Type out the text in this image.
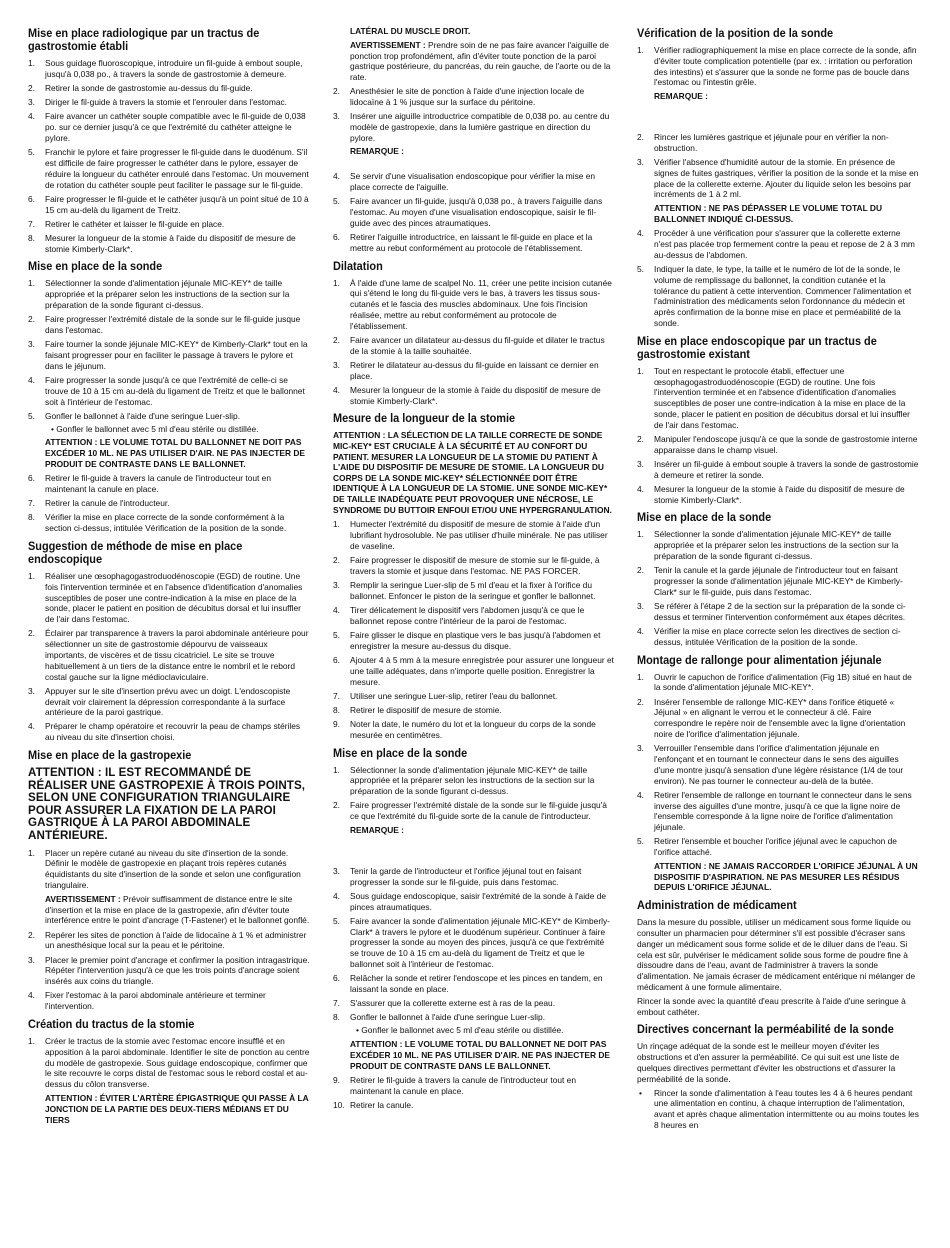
Mise en place radiologique par un tractus de gastrostomie établi
1. Sous guidage fluoroscopique, introduire un fil-guide à embout souple, jusqu'à 0,038 po., à travers la sonde de gastrostomie à demeure.
2. Retirer la sonde de gastrostomie au-dessus du fil-guide.
3. Diriger le fil-guide à travers la stomie et l'enrouler dans l'estomac.
4. Faire avancer un cathéter souple compatible avec le fil-guide de 0,038 po. sur ce dernier jusqu'à ce que l'extrémité du cathéter atteigne le pylore.
5. Franchir le pylore et faire progresser le fil-guide dans le duodénum. S'il est difficile de faire progresser le cathéter dans le pylore, essayer de réduire la longueur du cathéter enroulé dans l'estomac. Un mouvement de rotation du cathéter souple peut faciliter le passage sur le fil-guide.
6. Faire progresser le fil-guide et le cathéter jusqu'à un point situé de 10 à 15 cm au-delà du ligament de Treitz.
7. Retirer le cathéter et laisser le fil-guide en place.
8. Mesurer la longueur de la stomie à l'aide du dispositif de mesure de stomie Kimberly-Clark*.
Mise en place de la sonde
1. Sélectionner la sonde d'alimentation jéjunale MIC-KEY* de taille appropriée et la préparer selon les instructions de la section sur la préparation de la sonde figurant ci-dessus.
2. Faire progresser l'extrémité distale de la sonde sur le fil-guide jusque dans l'estomac.
3. Faire tourner la sonde jéjunale MIC-KEY* de Kimberly-Clark* tout en la faisant progresser pour en faciliter le passage à travers le pylore et dans le jéjunum.
4. Faire progresser la sonde jusqu'à ce que l'extrémité de celle-ci se trouve de 10 à 15 cm au-delà du ligament de Treitz et que le ballonnet soit à l'intérieur de l'estomac.
5. Gonfler le ballonnet à l'aide d'une seringue Luer-slip.
• Gonfler le ballonnet avec 5 ml d'eau stérile ou distillée.
ATTENTION : LE VOLUME TOTAL DU BALLONNET NE DOIT PAS EXCÉDER 10 ML. NE PAS UTILISER D'AIR. NE PAS INJECTER DE PRODUIT DE CONTRASTE DANS LE BALLONNET.
6. Retirer le fil-guide à travers la canule de l'introducteur tout en maintenant la canule en place.
7. Retirer la canule de l'introducteur.
8. Vérifier la mise en place correcte de la sonde conformément à la section ci-dessus, intitulée Vérification de la position de la sonde.
Suggestion de méthode de mise en place endoscopique
1. Réaliser une œsophagogastroduodénoscopie (EGD) de routine. Une fois l'intervention terminée et en l'absence d'identification d'anomalies susceptibles de poser une contre-indication à la mise en place de la sonde, placer le patient en position de décubitus dorsal et lui insuffler de l'air dans l'estomac.
2. Éclairer par transparence à travers la paroi abdominale antérieure pour sélectionner un site de gastrostomie dépourvu de vaisseaux importants, de viscères et de tissu cicatriciel. Le site se trouve habituellement à un tiers de la distance entre le nombril et le rebord costal gauche sur la ligne médioclaviculaire.
3. Appuyer sur le site d'insertion prévu avec un doigt. L'endoscopiste devrait voir clairement la dépression correspondante à la surface antérieure de la paroi gastrique.
4. Préparer le champ opératoire et recouvrir la peau de champs stériles au niveau du site d'insertion choisi.
Mise en place de la gastropexie
ATTENTION : IL EST RECOMMANDÉ DE RÉALISER UNE GASTROPEXIE À TROIS POINTS, SELON UNE CONFIGURATION TRIANGULAIRE POUR ASSURER LA FIXATION DE LA PAROI GASTRIQUE À LA PAROI ABDOMINALE ANTÉRIEURE.
1. Placer un repère cutané au niveau du site d'insertion de la sonde. Définir le modèle de gastropexie en plaçant trois repères cutanés équidistants du site d'insertion de la sonde et selon une configuration triangulaire.
AVERTISSEMENT : Prévoir suffisamment de distance entre le site d'insertion et la mise en place de la gastropexie, afin d'éviter toute interférence entre le point d'ancrage (T-Fastener) et le ballonnet gonflé.
2. Repérer les sites de ponction à l'aide de lidocaïne à 1 % et administrer un anesthésique local sur la peau et le péritoine.
3. Placer le premier point d'ancrage et confirmer la position intragastrique. Répéter l'intervention jusqu'à ce que les trois points d'ancrage soient insérés aux coins du triangle.
4. Fixer l'estomac à la paroi abdominale antérieure et terminer l'intervention.
Création du tractus de la stomie
1. Créer le tractus de la stomie avec l'estomac encore insufflé et en apposition à la paroi abdominale. Identifier le site de ponction au centre du modèle de gastropexie. Sous guidage endoscopique, confirmer que le site recouvre le corps distal de l'estomac sous le rebord costal et au-dessus du côlon transverse.
ATTENTION : ÉVITER L'ARTÈRE ÉPIGASTRIQUE QUI PASSE À LA JONCTION DE LA PARTIE DES DEUX-TIERS MÉDIANS ET DU TIERS
LATÉRAL DU MUSCLE DROIT.
AVERTISSEMENT : Prendre soin de ne pas faire avancer l'aiguille de ponction trop profondément, afin d'éviter toute ponction de la paroi gastrique postérieure, du pancréas, du rein gauche, de l'aorte ou de la rate.
2. Anesthésier le site de ponction à l'aide d'une injection locale de lidocaïne à 1 % jusque sur la surface du péritoine.
3. Insérer une aiguille introductrice compatible de 0,038 po. au centre du modèle de gastropexie, dans la lumière gastrique en direction du pylore.
REMARQUE :
4. Se servir d'une visualisation endoscopique pour vérifier la mise en place correcte de l'aiguille.
5. Faire avancer un fil-guide, jusqu'à 0,038 po., à travers l'aiguille dans l'estomac. Au moyen d'une visualisation endoscopique, saisir le fil-guide avec des pinces atraumatiques.
6. Retirer l'aiguille introductrice, en laissant le fil-guide en place et la mettre au rebut conformément au protocole de l'établissement.
Dilatation
1. À l'aide d'une lame de scalpel No. 11, créer une petite incision cutanée qui s'étend le long du fil-guide vers le bas, à travers les tissus sous-cutanés et le fascia des muscles abdominaux. Une fois l'incision réalisée, mettre au rebut conformément au protocole de l'établissement.
2. Faire avancer un dilatateur au-dessus du fil-guide et dilater le tractus de la stomie à la taille souhaitée.
3. Retirer le dilatateur au-dessus du fil-guide en laissant ce dernier en place.
4. Mesurer la longueur de la stomie à l'aide du dispositif de mesure de stomie Kimberly-Clark*.
Mesure de la longueur de la stomie
ATTENTION : LA SÉLECTION DE LA TAILLE CORRECTE DE SONDE MIC-KEY* EST CRUCIALE À LA SÉCURITÉ ET AU CONFORT DU PATIENT. MESURER LA LONGUEUR DE LA STOMIE DU PATIENT À L'AIDE DU DISPOSITIF DE MESURE DE STOMIE. LA LONGUEUR DU CORPS DE LA SONDE MIC-KEY* SÉLECTIONNÉE DOIT ÊTRE IDENTIQUE À LA LONGUEUR DE LA STOMIE. UNE SONDE MIC-KEY* DE TAILLE INADÉQUATE PEUT PROVOQUER UNE NÉCROSE, LE SYNDROME DU BUTTOIR ENFOUI ET/OU UNE HYPERGRANULATION.
1. Humecter l'extrémité du dispositif de mesure de stomie à l'aide d'un lubrifiant hydrosoluble. Ne pas utiliser d'huile minérale. Ne pas utiliser de vaseline.
2. Faire progresser le dispositif de mesure de stomie sur le fil-guide, à travers la stomie et jusque dans l'estomac. NE PAS FORCER.
3. Remplir la seringue Luer-slip de 5 ml d'eau et la fixer à l'orifice du ballonnet. Enfoncer le piston de la seringue et gonfler le ballonnet.
4. Tirer délicatement le dispositif vers l'abdomen jusqu'à ce que le ballonnet repose contre l'intérieur de la paroi de l'estomac.
5. Faire glisser le disque en plastique vers le bas jusqu'à l'abdomen et enregistrer la mesure au-dessus du disque.
6. Ajouter 4 à 5 mm à la mesure enregistrée pour assurer une longueur et une taille adéquates, dans n'importe quelle position. Enregistrer la mesure.
7. Utiliser une seringue Luer-slip, retirer l'eau du ballonnet.
8. Retirer le dispositif de mesure de stomie.
9. Noter la date, le numéro du lot et la longueur du corps de la sonde mesurée en centimètres.
Mise en place de la sonde
1. Sélectionner la sonde d'alimentation jéjunale MIC-KEY* de taille appropriée et la préparer selon les instructions de la section sur la préparation de la sonde figurant ci-dessus.
2. Faire progresser l'extrémité distale de la sonde sur le fil-guide jusqu'à ce que l'extrémité du fil-guide sorte de la canule de l'introducteur.
REMARQUE :
3. Tenir la garde de l'introducteur et l'orifice jéjunal tout en faisant progresser la sonde sur le fil-guide, puis dans l'estomac.
4. Sous guidage endoscopique, saisir l'extrémité de la sonde à l'aide de pinces atraumatiques.
5. Faire avancer la sonde d'alimentation jéjunale MIC-KEY* de Kimberly-Clark* à travers le pylore et le duodénum supérieur. Continuer à faire progresser la sonde au moyen des pinces, jusqu'à ce que l'extrémité se trouve de 10 à 15 cm au-delà du ligament de Treitz et que le ballonnet soit à l'intérieur de l'estomac.
6. Relâcher la sonde et retirer l'endoscope et les pinces en tandem, en laissant la sonde en place.
7. S'assurer que la collerette externe est à ras de la peau.
8. Gonfler le ballonnet à l'aide d'une seringue Luer-slip.
• Gonfler le ballonnet avec 5 ml d'eau stérile ou distillée.
ATTENTION : LE VOLUME TOTAL DU BALLONNET NE DOIT PAS EXCÉDER 10 ML. NE PAS UTILISER D'AIR. NE PAS INJECTER DE PRODUIT DE CONTRASTE DANS LE BALLONNET.
9. Retirer le fil-guide à travers la canule de l'introducteur tout en maintenant la canule en place.
10. Retirer la canule.
Vérification de la position de la sonde
1. Vérifier radiographiquement la mise en place correcte de la sonde, afin d'éviter toute complication potentielle (par ex. : irritation ou perforation des intestins) et s'assurer que la sonde ne forme pas de boucle dans l'estomac ou l'intestin grêle.
REMARQUE :
2. Rincer les lumières gastrique et jéjunale pour en vérifier la non-obstruction.
3. Vérifier l'absence d'humidité autour de la stomie. En présence de signes de fuites gastriques, vérifier la position de la sonde et la mise en place de la collerette externe. Ajouter du liquide selon les besoins par incréments de 1 à 2 ml.
ATTENTION : NE PAS DÉPASSER LE VOLUME TOTAL DU BALLONNET INDIQUÉ CI-DESSUS.
4. Procéder à une vérification pour s'assurer que la collerette externe n'est pas placée trop fermement contre la peau et repose de 2 à 3 mm au-dessus de l'abdomen.
5. Indiquer la date, le type, la taille et le numéro de lot de la sonde, le volume de remplissage du ballonnet, la condition cutanée et la tolérance du patient à cette intervention. Commencer l'alimentation et l'administration des médicaments selon l'ordonnance du médecin et après confirmation de la bonne mise en place et perméabilité de la sonde.
Mise en place endoscopique par un tractus de gastrostomie existant
1. Tout en respectant le protocole établi, effectuer une œsophagogastroduodénoscopie (EGD) de routine. Une fois l'intervention terminée et en l'absence d'identification d'anomalies susceptibles de poser une contre-indication à la mise en place de la sonde, placer le patient en position de décubitus dorsal et lui insuffler de l'air dans l'estomac.
2. Manipuler l'endoscope jusqu'à ce que la sonde de gastrostomie interne apparaisse dans le champ visuel.
3. Insérer un fil-guide à embout souple à travers la sonde de gastrostomie à demeure et retirer la sonde.
4. Mesurer la longueur de la stomie à l'aide du dispositif de mesure de stomie Kimberly-Clark*.
Mise en place de la sonde
1. Sélectionner la sonde d'alimentation jéjunale MIC-KEY* de taille appropriée et la préparer selon les instructions de la section sur la préparation de la sonde figurant ci-dessus.
2. Tenir la canule et la garde jéjunale de l'introducteur tout en faisant progresser la sonde d'alimentation jéjunale MIC-KEY* de Kimberly-Clark* sur le fil-guide, puis dans l'estomac.
3. Se référer à l'étape 2 de la section sur la préparation de la sonde ci-dessus et terminer l'intervention conformément aux étapes décrites.
4. Vérifier la mise en place correcte selon les directives de section ci-dessus, intitulée Vérification de la position de la sonde.
Montage de rallonge pour alimentation jéjunale
1. Ouvrir le capuchon de l'orifice d'alimentation (Fig 1B) situé en haut de la sonde d'alimentation jéjunale MIC-KEY*.
2. Insérer l'ensemble de rallonge MIC-KEY* dans l'orifice étiqueté « Jéjunal » en alignant le verrou et le connecteur à clé. Faire correspondre le repère noir de l'ensemble avec la ligne d'orientation noire de l'orifice d'alimentation jéjunale.
3. Verrouiller l'ensemble dans l'orifice d'alimentation jéjunale en l'enfonçant et en tournant le connecteur dans le sens des aiguilles d'une montre jusqu'à sensation d'une légère résistance (1/4 de tour environ). Ne pas tourner le connecteur au-delà de la butée.
4. Retirer l'ensemble de rallonge en tournant le connecteur dans le sens inverse des aiguilles d'une montre, jusqu'à ce que la ligne noire de l'ensemble corresponde à la ligne noire de l'orifice d'alimentation jéjunale.
5. Retirer l'ensemble et boucher l'orifice jéjunal avec le capuchon de l'orifice attaché.
ATTENTION : NE JAMAIS RACCORDER L'ORIFICE JÉJUNAL À UN DISPOSITIF D'ASPIRATION. NE PAS MESURER LES RÉSIDUS DEPUIS L'ORIFICE JÉJUNAL.
Administration de médicament

Dans la mesure du possible, utiliser un médicament sous forme liquide ou consulter un pharmacien pour déterminer s'il est possible d'écraser sans danger un médicament sous forme solide et de le diluer dans de l'eau. Si cela est sûr, pulvériser le médicament solide sous forme de poudre fine à dissoudre dans de l'eau, avant de l'administrer à travers la sonde d'alimentation. Ne jamais écraser de médicament entérique ni mélanger de médicament à une formule alimentaire.

Rincer la sonde avec la quantité d'eau prescrite à l'aide d'une seringue à embout cathéter.

Directives concernant la perméabilité de la sonde

Un rinçage adéquat de la sonde est le meilleur moyen d'éviter les obstructions et d'en assurer la perméabilité. Ce qui suit est une liste de quelques directives permettant d'éviter les obstructions et d'assurer la perméabilité de la sonde.

• Rincer la sonde d'alimentation à l'eau toutes les 4 à 6 heures pendant une alimentation en continu, à chaque interruption de l'alimentation, avant et après chaque alimentation intermittente ou au moins toutes les 8 heures en
